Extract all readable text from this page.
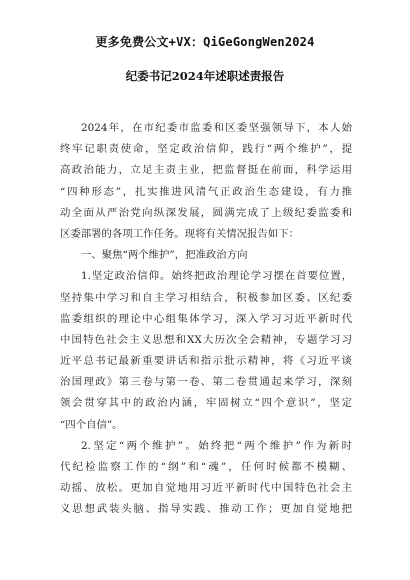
更多免费公文+VX：QiGeGongWen2024
纪委书记2024年述职述责报告
2024年，在市纪委市监委和区委坚强领导下，本人始
终牢记职责使命，坚定政治信仰，践行“两个维护”，提
高政治能力，立足主责主业，把监督挺在前面，科学运用
“四种形态”，扎实推进风清气正政治生态建设，有力推
动全面从严治党向纵深发展，圆满完成了上级纪委监委和
区委部署的各项工作任务。现将有关情况报告如下：
一、聚焦“两个维护”，把准政治方向
1.坚定政治信仰。始终把政治理论学习摆在首要位置，
坚持集中学习和自主学习相结合，积极参加区委、区纪委
监委组织的理论中心组集体学习，深入学习习近平新时代
中国特色社会主义思想和XX大历次全会精神，专题学习习
近平总书记最新重要讲话和指示批示精神，将《习近平谈
治国理政》第三卷与第一卷、第二卷贯通起来学习，深刻
领会贯穿其中的政治内涵，牢固树立“四个意识”，坚定
“四个自信”。
2.坚定“两个维护”。始终把“两个维护”作为新时
代纪检监察工作的“纲”和“魂”，任何时候都不模糊、
动摇、放松。更加自觉地用习近平新时代中国特色社会主
义思想武装头脑、指导实践、推动工作；更加自觉地把
